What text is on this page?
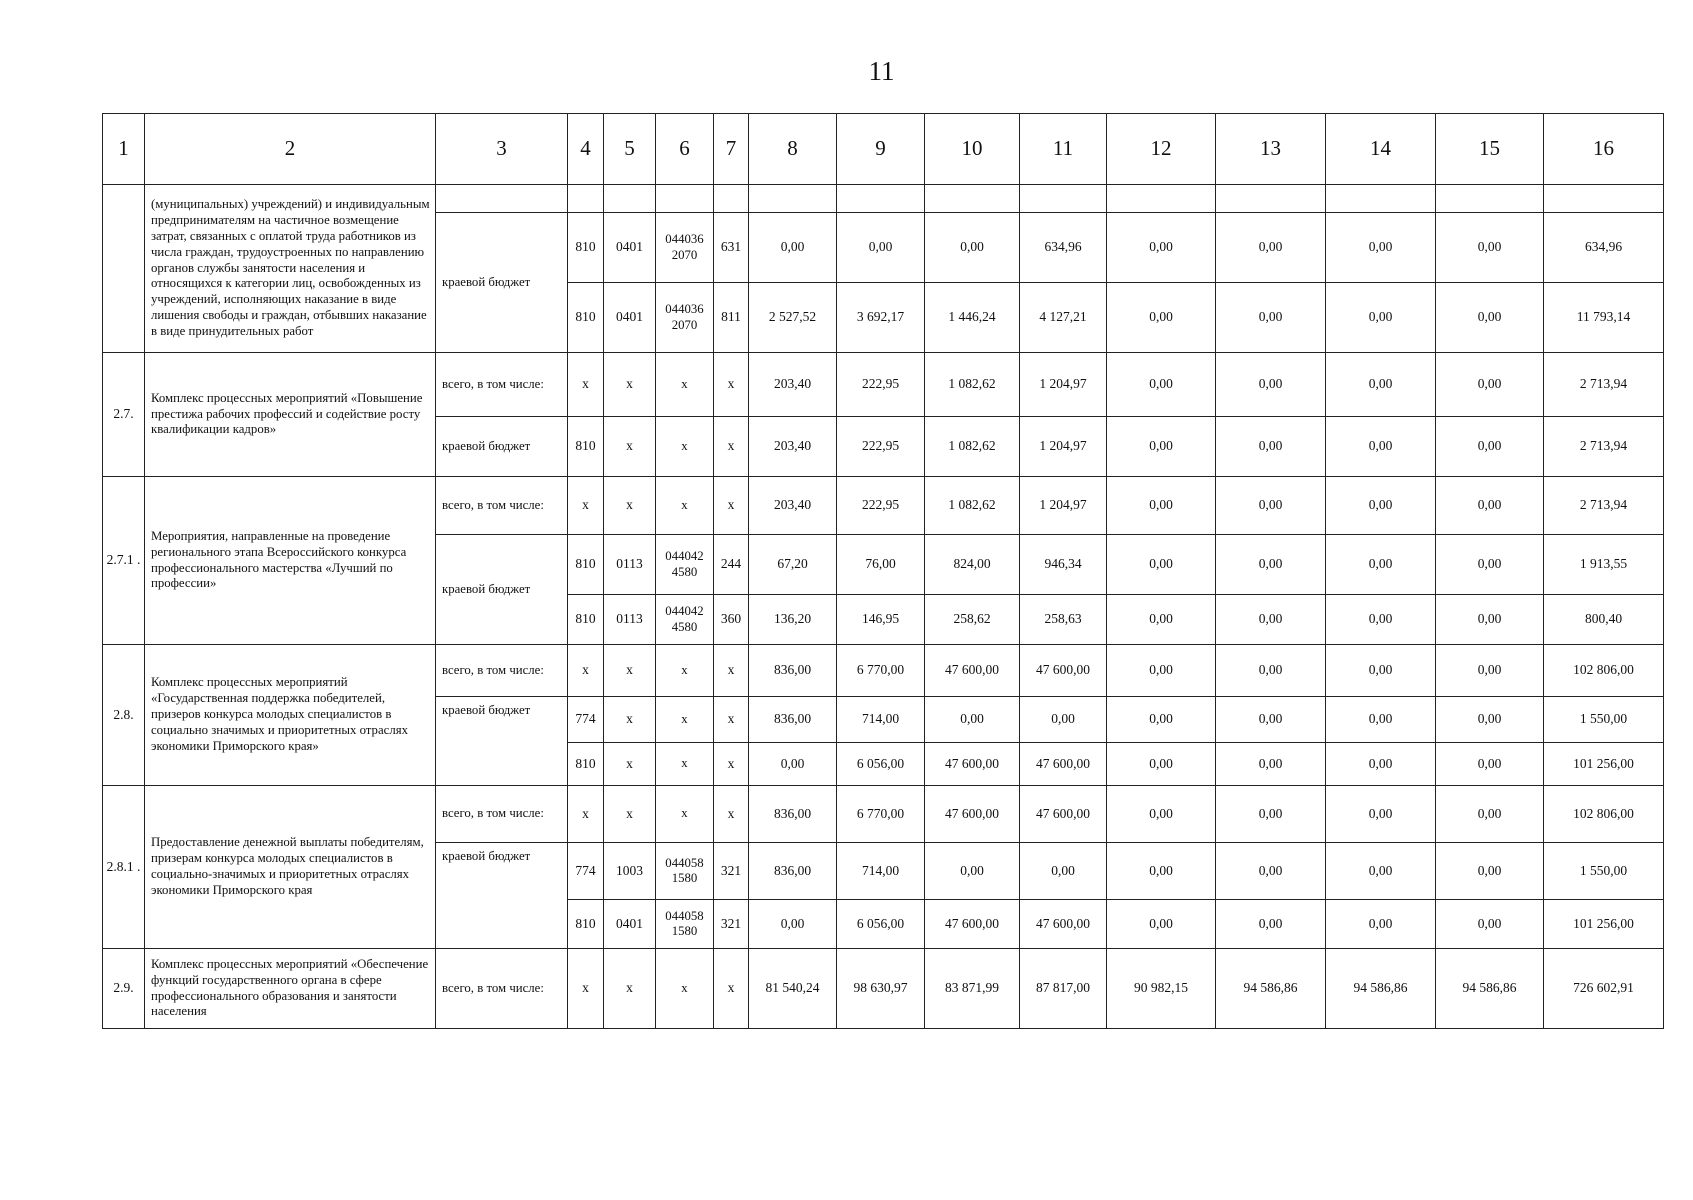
11
1	2	3	4	5	6	7	8	9	10	11	12	13	14	15	16
	(муниципальных) учреждений) и индивидуальным предпринимателям на частичное возмещение затрат, связанных с оплатой труда работников из числа граждан, трудоустроенных по направлению органов службы занятости населения и относящихся к категории лиц, освобожденных из учреждений, исполняющих наказание в виде лишения свободы и граждан, отбывших наказание в виде принудительных работ														
		краевой бюджет	810	0401	044036 2070	631	0,00	0,00	0,00	634,96	0,00	0,00	0,00	0,00	634,96
			810	0401	044036 2070	811	2 527,52	3 692,17	1 446,24	4 127,21	0,00	0,00	0,00	0,00	11 793,14
2.7.	Комплекс процессных мероприятий «Повышение престижа рабочих профессий и содействие росту квалификации кадров»	всего, в том числе:	x	x	x	x	203,40	222,95	1 082,62	1 204,97	0,00	0,00	0,00	0,00	2 713,94
		краевой бюджет	810	x	x	x	203,40	222,95	1 082,62	1 204,97	0,00	0,00	0,00	0,00	2 713,94
2.7.1 .	Мероприятия, направленные на проведение регионального этапа Всероссийского конкурса профессионального мастерства «Лучший по профессии»	всего, в том числе:	x	x	x	x	203,40	222,95	1 082,62	1 204,97	0,00	0,00	0,00	0,00	2 713,94
		краевой бюджет	810	0113	044042 4580	244	67,20	76,00	824,00	946,34	0,00	0,00	0,00	0,00	1 913,55
			810	0113	044042 4580	360	136,20	146,95	258,62	258,63	0,00	0,00	0,00	0,00	800,40
2.8.	Комплекс процессных мероприятий «Государственная поддержка победителей, призеров конкурса молодых специалистов в социально значимых и приоритетных отраслях экономики Приморского края»	всего, в том числе:	x	x	x	x	836,00	6 770,00	47 600,00	47 600,00	0,00	0,00	0,00	0,00	102 806,00
		краевой бюджет	774	x	x	x	836,00	714,00	0,00	0,00	0,00	0,00	0,00	0,00	1 550,00
			810	x	x	x	0,00	6 056,00	47 600,00	47 600,00	0,00	0,00	0,00	0,00	101 256,00
2.8.1 .	Предоставление денежной выплаты победителям, призерам конкурса молодых специалистов в социально-значимых и приоритетных отраслях экономики Приморского края	всего, в том числе:	x	x	x	x	836,00	6 770,00	47 600,00	47 600,00	0,00	0,00	0,00	0,00	102 806,00
		краевой бюджет	774	1003	044058 1580	321	836,00	714,00	0,00	0,00	0,00	0,00	0,00	0,00	1 550,00
			810	0401	044058 1580	321	0,00	6 056,00	47 600,00	47 600,00	0,00	0,00	0,00	0,00	101 256,00
2.9.	Комплекс процессных мероприятий «Обеспечение функций государственного органа в сфере профессионального образования и занятости населения	всего, в том числе:	x	x	x	x	81 540,24	98 630,97	83 871,99	87 817,00	90 982,15	94 586,86	94 586,86	94 586,86	726 602,91
